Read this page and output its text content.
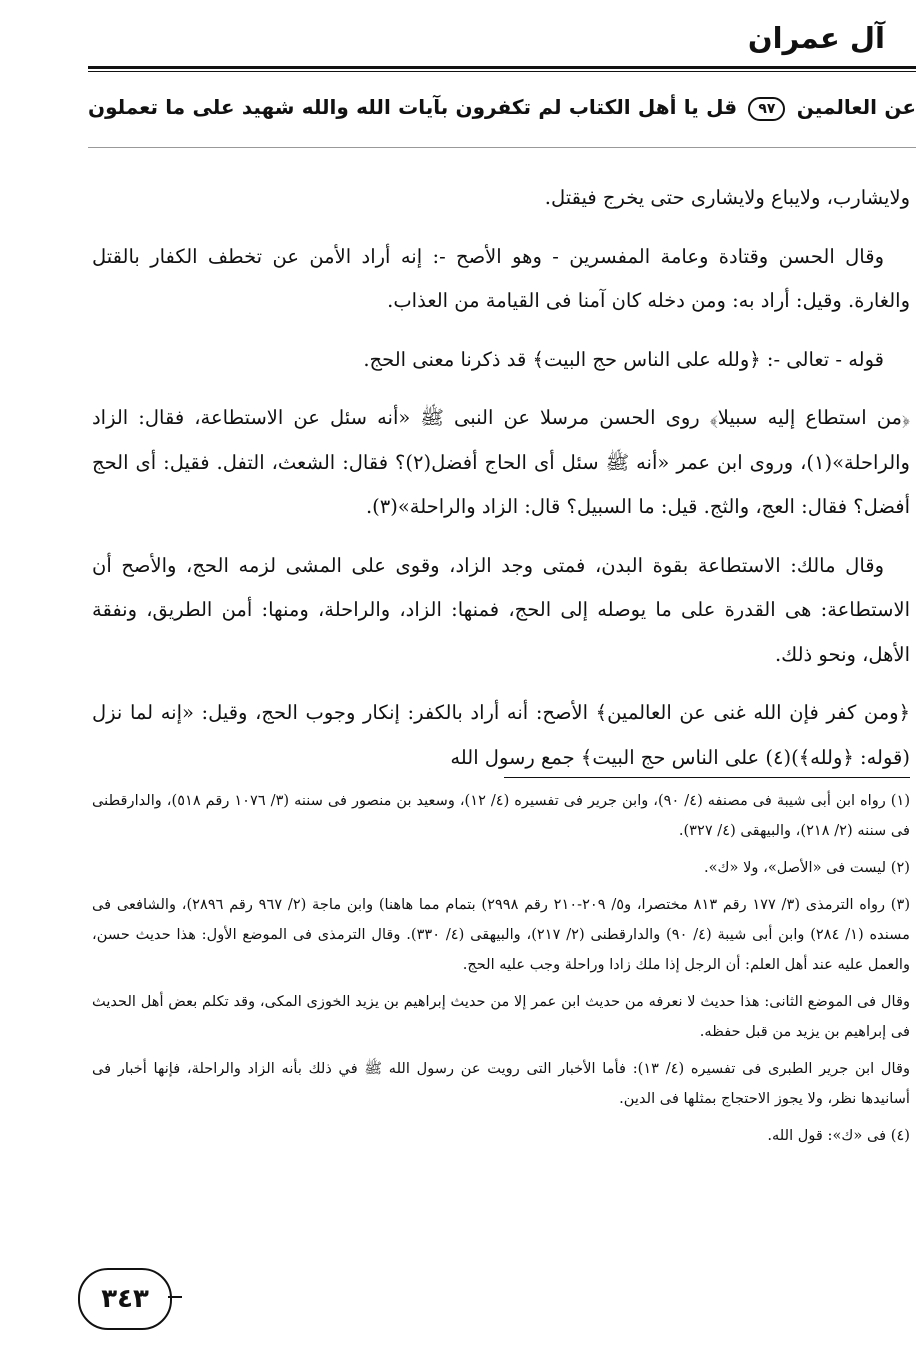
آل عمران
عن العالمين ٩٧ قل يا أهل الكتاب لم تكفرون بآيات الله والله شهيد على ما تعملون

ولايشارب، ولايباع ولايشارى حتى يخرج فيقتل.

وقال الحسن وقتادة وعامة المفسرين - وهو الأصح -: إنه أراد الأمن عن تخطف الكفار بالقتل والغارة. وقيل: أراد به: ومن دخله كان آمنا فى القيامة من العذاب.

قوله - تعالى -: ﴿ولله على الناس حج البيت﴾ قد ذكرنا معنى الحج.

﴿من استطاع إليه سبيلا﴾ روى الحسن مرسلا عن النبى ﷺ «أنه سئل عن الاستطاعة، فقال: الزاد والراحلة»(١)، وروى ابن عمر «أنه ﷺ سئل أى الحاج أفضل(٢)؟ فقال: الشعث، التفل. فقيل: أى الحج أفضل؟ فقال: العج، والثج. قيل: ما السبيل؟ قال: الزاد والراحلة»(٣).

وقال مالك: الاستطاعة بقوة البدن، فمتى وجد الزاد، وقوى على المشى لزمه الحج، والأصح أن الاستطاعة: هى القدرة على ما يوصله إلى الحج، فمنها: الزاد، والراحلة، ومنها: أمن الطريق، ونفقة الأهل، ونحو ذلك.

﴿ومن كفر فإن الله غنى عن العالمين﴾ الأصح: أنه أراد بالكفر: إنكار وجوب الحج، وقيل: «إنه لما نزل (قوله: ﴿ولله﴾)(٤) على الناس حج البيت﴾ جمع رسول الله

(١) رواه ابن أبى شيبة فى مصنفه (٤/ ٩٠)، وابن جرير فى تفسيره (٤/ ١٢)، وسعيد بن منصور فى سننه (٣/ ١٠٧٦ رقم ٥١٨)، والدارقطنى فى سننه (٢/ ٢١٨)، والبيهقى (٤/ ٣٢٧).

(٢) ليست فى «الأصل»، ولا «ك».

(٣) رواه الترمذى (٣/ ١٧٧ رقم ٨١٣ مختصرا، و٥/ ٢٠٩-٢١٠ رقم ٢٩٩٨) بتمام مما هاهنا) وابن ماجة (٢/ ٩٦٧ رقم ٢٨٩٦)، والشافعى فى مسنده (١/ ٢٨٤) وابن أبى شيبة (٤/ ٩٠) والدارقطنى (٢/ ٢١٧)، والبيهقى (٤/ ٣٣٠). وقال الترمذى فى الموضع الأول: هذا حديث حسن، والعمل عليه عند أهل العلم: أن الرجل إذا ملك زادا وراحلة وجب عليه الحج.

وقال فى الموضع الثانى: هذا حديث لا نعرفه من حديث ابن عمر إلا من حديث إبراهيم بن يزيد الخوزى المكى، وقد تكلم بعض أهل الحديث فى إبراهيم بن يزيد من قبل حفظه.

وقال ابن جرير الطبرى فى تفسيره (٤/ ١٣): فأما الأخبار التى رويت عن رسول الله ﷺ في ذلك بأنه الزاد والراحلة، فإنها أخبار فى أسانيدها نظر، ولا يجوز الاحتجاج بمثلها فى الدين.

(٤) فى «ك»: قول الله.

٣٤٣
